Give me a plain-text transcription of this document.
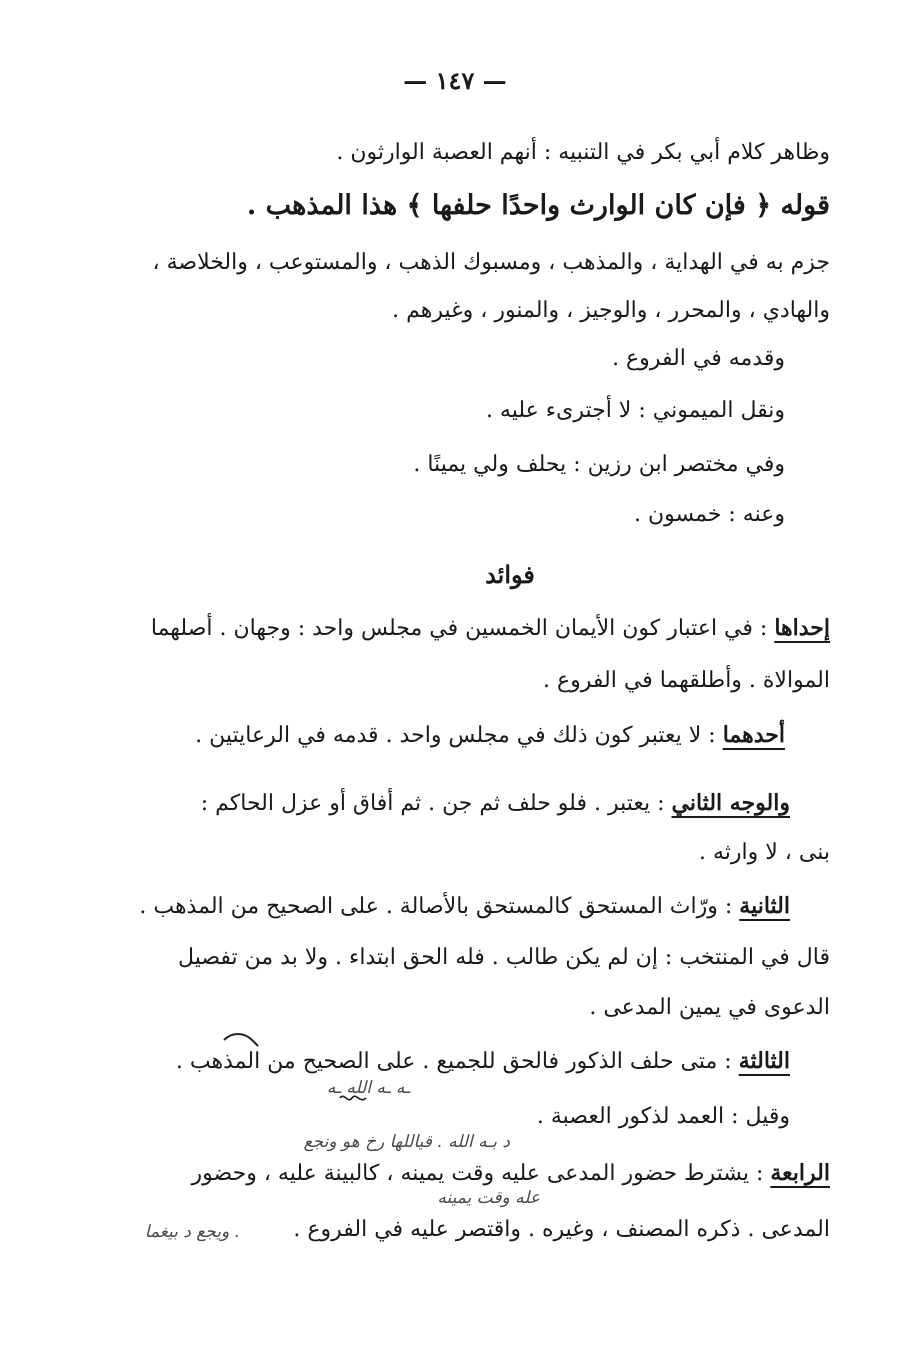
— ١٤٧ —
وظاهر كلام أبي بكر في التنبيه : أنهم العصبة الوارثون .
قوله ﴿ فإن كان الوارث واحدًا حلفها ﴾ هذا المذهب .
جزم به في الهداية ، والمذهب ، ومسبوك الذهب ، والمستوعب ، والخلاصة ،
والهادي ، والمحرر ، والوجيز ، والمنور ، وغيرهم .
وقدمه في الفروع .
ونقل الميموني : لا أجترىء عليه .
وفي مختصر ابن رزين : يحلف ولي يمينًا .
وعنه : خمسون .
فوائد
إحداها : في اعتبار كون الأيمان الخمسين في مجلس واحد : وجهان . أصلهما
الموالاة . وأطلقهما في الفروع .
أحدهما : لا يعتبر كون ذلك في مجلس واحد . قدمه في الرعايتين .
والوجه الثاني : يعتبر . فلو حلف ثم جن . ثم أفاق أو عزل الحاكم :
بنى ، لا وارثه .
الثانية : ورّاث المستحق كالمستحق بالأصالة . على الصحيح من المذهب .
قال في المنتخب : إن لم يكن طالب . فله الحق ابتداء . ولا بد من تفصيل
الدعوى في يمين المدعى .
الثالثة : متى حلف الذكور فالحق للجميع . على الصحيح من المذهب .
وقيل : العمد لذكور العصبة .
الرابعة : يشترط حضور المدعى عليه وقت يمينه ، كالبينة عليه ، وحضور
المدعى . ذكره المصنف ، وغيره . واقتصر عليه في الفروع .
ـه ـه الله ـه
د بـه الله . قياللها رخ هو ونجع
عله وقت يمينه
. ويجع د بيغما
